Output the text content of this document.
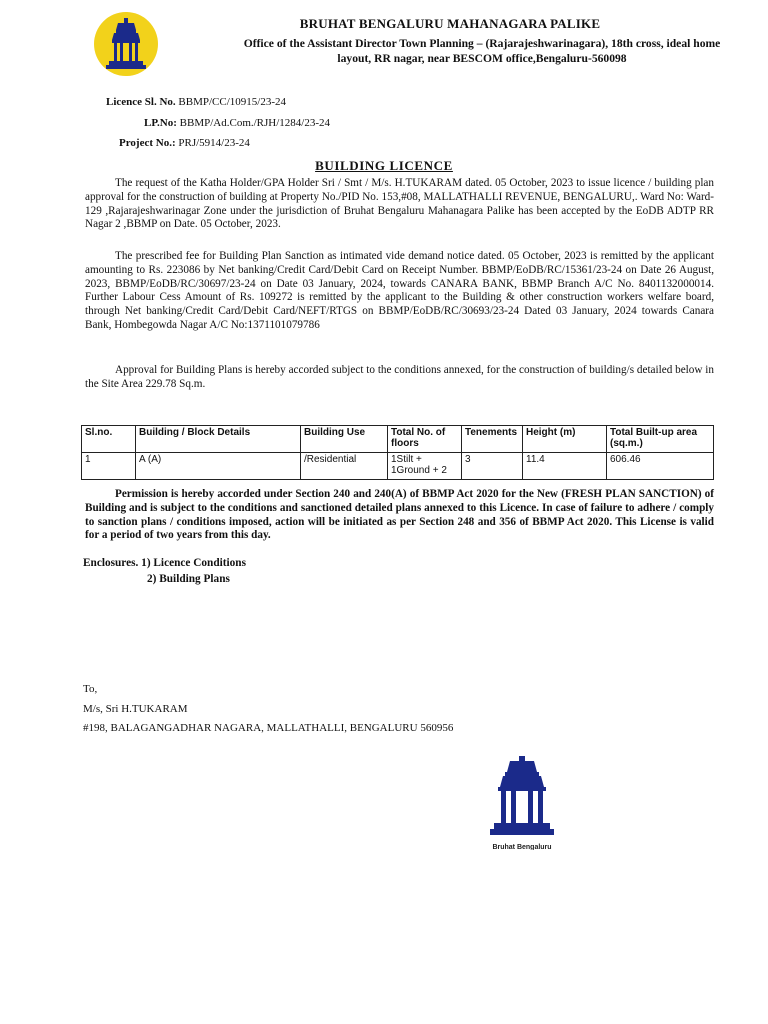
BRUHAT BENGALURU MAHANAGARA PALIKE
Office of the Assistant Director Town Planning – (Rajarajeshwarinagara), 18th cross, ideal home
layout, RR nagar, near BESCOM office,Bengaluru-560098
Licence Sl. No. BBMP/CC/10915/23-24
LP.No: BBMP/Ad.Com./RJH/1284/23-24
Project No.: PRJ/5914/23-24
BUILDING LICENCE
The request of the Katha Holder/GPA Holder Sri / Smt / M/s. H.TUKARAM dated. 05 October, 2023 to issue licence / building plan approval for the construction of building at Property No./PID No. 153,#08, MALLATHALLI REVENUE, BENGALURU,. Ward No: Ward-129 ,Rajarajeshwarinagar Zone under the jurisdiction of Bruhat Bengaluru Mahanagara Palike has been accepted by the EoDB ADTP RR Nagar 2 ,BBMP on Date. 05 October, 2023.
The prescribed fee for Building Plan Sanction as intimated vide demand notice dated. 05 October, 2023 is remitted by the applicant amounting to Rs. 223086 by Net banking/Credit Card/Debit Card on Receipt Number. BBMP/EoDB/RC/15361/23-24 on Date 26 August, 2023, BBMP/EoDB/RC/30697/23-24 on Date 03 January, 2024, towards CANARA BANK, BBMP Branch A/C No. 8401132000014. Further Labour Cess Amount of Rs. 109272 is remitted by the applicant to the Building & other construction workers welfare board, through Net banking/Credit Card/Debit Card/NEFT/RTGS on BBMP/EoDB/RC/30693/23-24 Dated 03 January, 2024 towards Canara Bank, Hombegowda Nagar A/C No:1371101079786
Approval for Building Plans is hereby accorded subject to the conditions annexed, for the construction of building/s detailed below in the Site Area 229.78 Sq.m.
Sl.no.	Building / Block Details	Building Use	Total No. of floors	Tenements	Height (m)	Total Built-up area (sq.m.)
1	A (A)	/Residential	1Stilt + 1Ground + 2	3	11.4	606.46
Permission is hereby accorded under Section 240 and 240(A) of BBMP Act 2020 for the New (FRESH PLAN SANCTION) of Building and is subject to the conditions and sanctioned detailed plans annexed to this Licence. In case of failure to adhere / comply to sanction plans / conditions imposed, action will be initiated as per Section 248 and 356 of BBMP Act 2020. This License is valid for a period of two years from this day.
Enclosures. 1) Licence Conditions
2) Building Plans
To,
M/s, Sri H.TUKARAM
#198, BALAGANGADHAR NAGARA, MALLATHALLI, BENGALURU 560956
Bruhat Bengaluru
